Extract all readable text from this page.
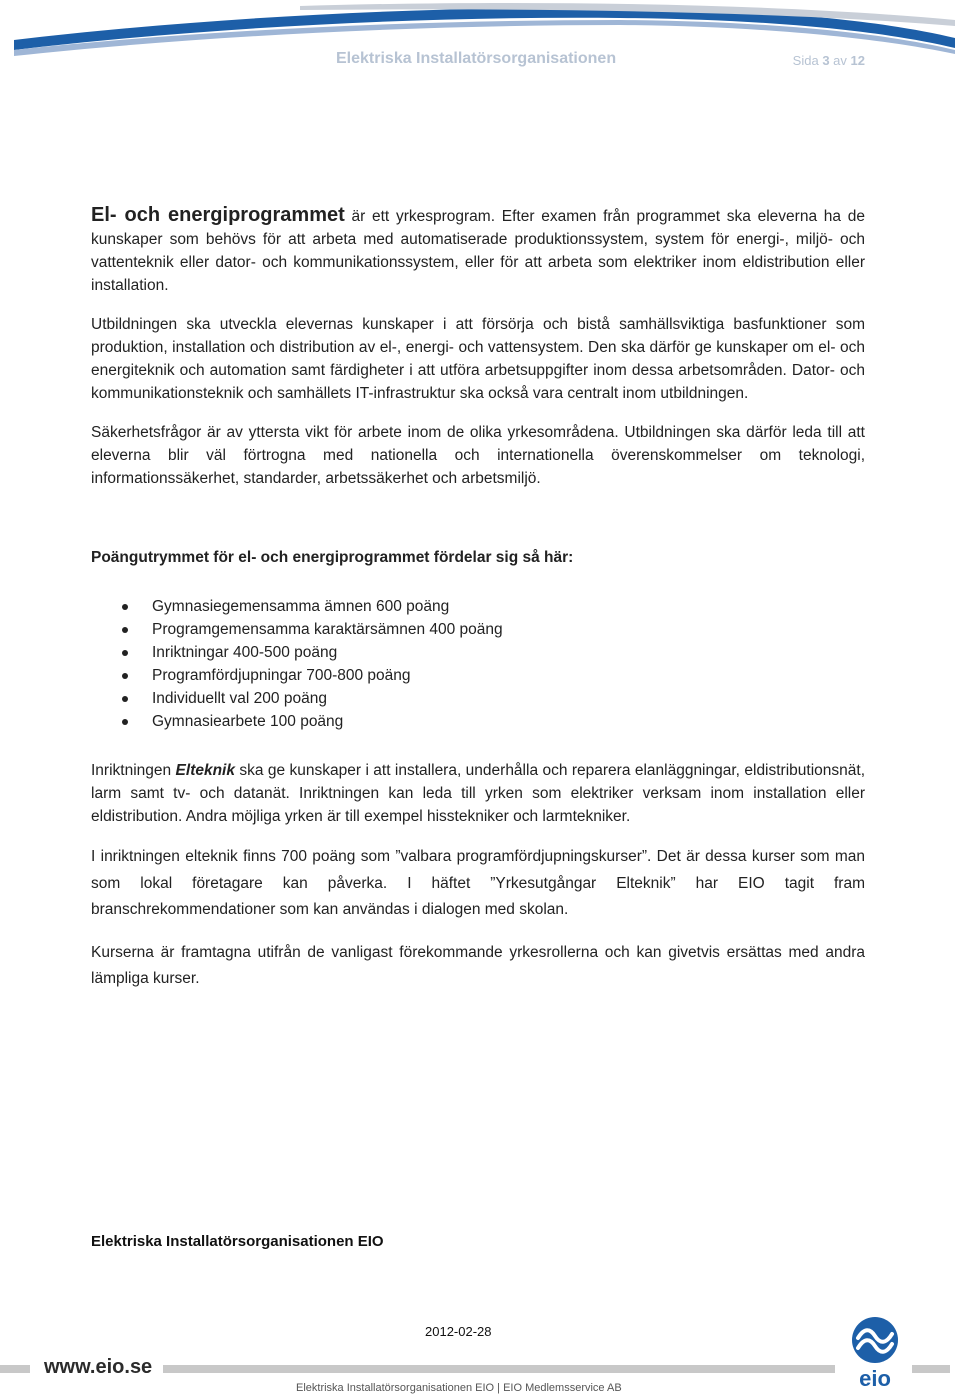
Elektriska Installatörsorganisationen	Sida 3 av 12

El- och energiprogrammet är ett yrkesprogram. Efter examen från programmet ska eleverna ha de kunskaper som behövs för att arbeta med automatiserade produktionssystem, system för energi-, miljö- och vattenteknik eller dator- och kommunikationssystem, eller för att arbeta som elektriker inom eldistribution eller installation.

Utbildningen ska utveckla elevernas kunskaper i att försörja och bistå samhällsviktiga basfunktioner som produktion, installation och distribution av el-, energi- och vattensystem. Den ska därför ge kunskaper om el- och energiteknik och automation samt färdigheter i att utföra arbetsuppgifter inom dessa arbetsområden. Dator- och kommunikationsteknik och samhällets IT-infrastruktur ska också vara centralt inom utbildningen.

Säkerhetsfrågor är av yttersta vikt för arbete inom de olika yrkesområdena. Utbildningen ska därför leda till att eleverna blir väl förtrogna med nationella och internationella överenskommelser om teknologi, informationssäkerhet, standarder, arbetssäkerhet och arbetsmiljö.

Poängutrymmet för el- och energiprogrammet fördelar sig så här:

Gymnasiegemensamma ämnen 600 poäng
Programgemensamma karaktärsämnen 400 poäng
Inriktningar 400-500 poäng
Programfördjupningar 700-800 poäng
Individuellt val 200 poäng
Gymnasiearbete 100 poäng

Inriktningen Elteknik ska ge kunskaper i att installera, underhålla och reparera elanläggningar, eldistributionsnät, larm samt tv- och datanät. Inriktningen kan leda till yrken som elektriker verksam inom installation eller eldistribution. Andra möjliga yrken är till exempel hisstekniker och larmtekniker.

I inriktningen elteknik finns 700 poäng som ”valbara programfördjupningskurser”. Det är dessa kurser som man som lokal företagare kan påverka. I häftet ”Yrkesutgångar Elteknik” har EIO tagit fram branschrekommendationer som kan användas i dialogen med skolan.

Kurserna är framtagna utifrån de vanligast förekommande yrkesrollerna och kan givetvis ersättas med andra lämpliga kurser.

Elektriska Installatörsorganisationen EIO
2012-02-28
www.eio.se
Elektriska Installatörsorganisationen EIO | EIO Medlemsservice AB	eio
